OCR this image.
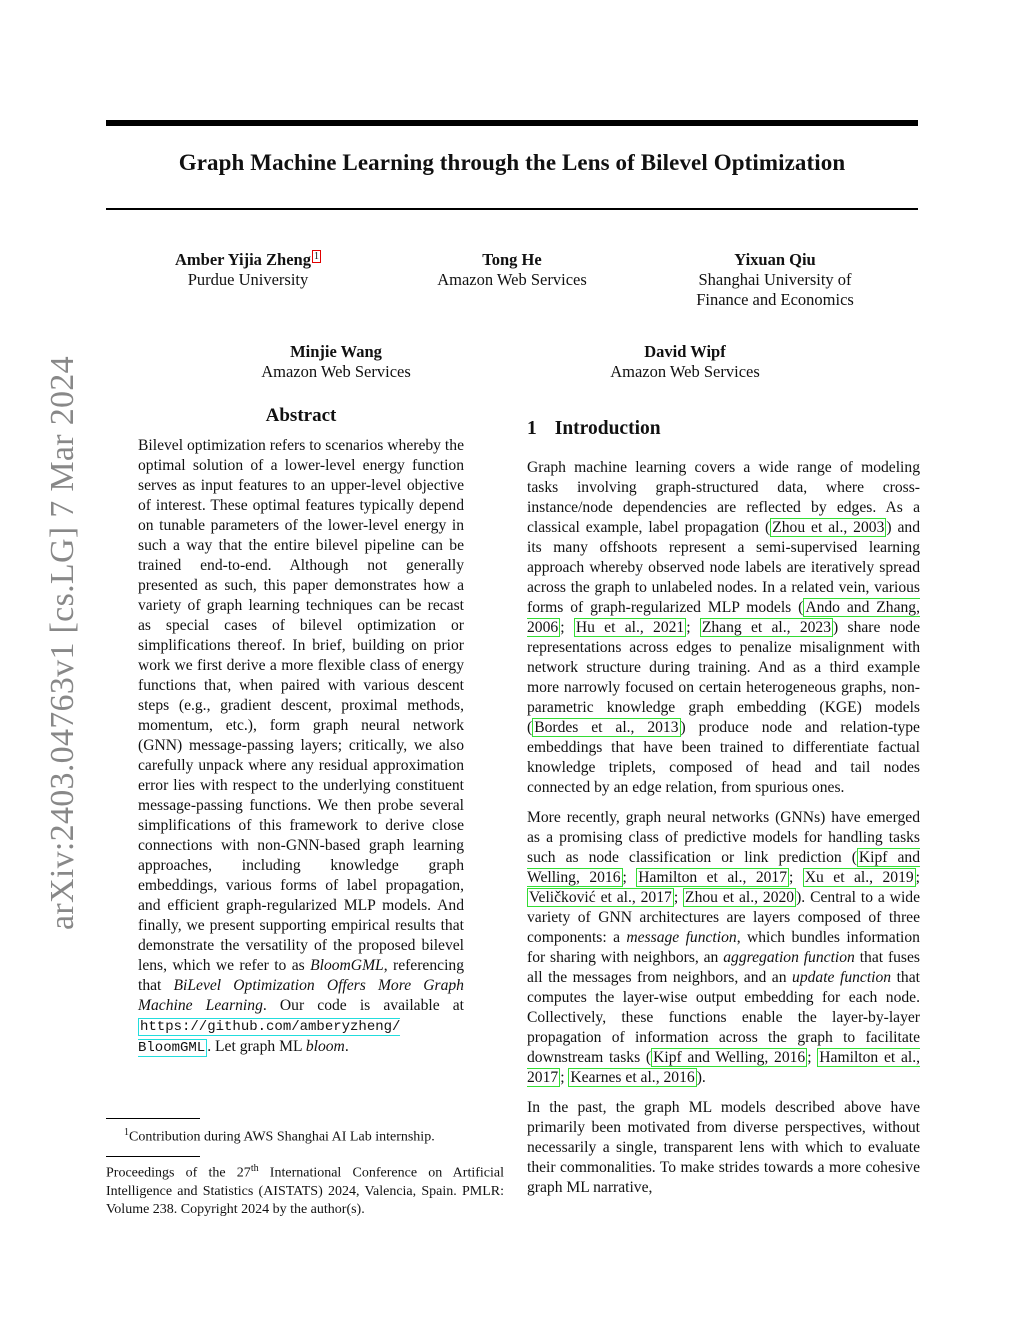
arXiv:2403.04763v1 [cs.LG] 7 Mar 2024
Graph Machine Learning through the Lens of Bilevel Optimization
Amber Yijia Zheng 1
Purdue University
Tong He
Amazon Web Services
Yixuan Qiu
Shanghai University of
Finance and Economics
Minjie Wang
Amazon Web Services
David Wipf
Amazon Web Services
Abstract
Bilevel optimization refers to scenarios whereby the optimal solution of a lower-level energy function serves as input features to an upper-level objective of interest. These optimal features typically depend on tunable parameters of the lower-level energy in such a way that the entire bilevel pipeline can be trained end-to-end. Although not generally presented as such, this paper demonstrates how a variety of graph learning techniques can be recast as special cases of bilevel optimization or simplifications thereof. In brief, building on prior work we first derive a more flexible class of energy functions that, when paired with various descent steps (e.g., gradient descent, proximal methods, momentum, etc.), form graph neural network (GNN) message-passing layers; critically, we also carefully unpack where any residual approximation error lies with respect to the underlying constituent message-passing functions. We then probe several simplifications of this framework to derive close connections with non-GNN-based graph learning approaches, including knowledge graph embeddings, various forms of label propagation, and efficient graph-regularized MLP models. And finally, we present supporting empirical results that demonstrate the versatility of the proposed bilevel lens, which we refer to as BloomGML, referencing that BiLevel Optimization Offers More Graph Machine Learning. Our code is available at https://github.com/amberyzheng/
BloomGML . Let graph ML bloom.
$^1$Contribution during AWS Shanghai AI Lab internship.
Proceedings of the 27th International Conference on Artificial Intelligence and Statistics (AISTATS) 2024, Valencia, Spain. PMLR: Volume 238. Copyright 2024 by the author(s).
1 Introduction

Graph machine learning covers a wide range of modeling tasks involving graph-structured data, where cross-instance/node dependencies are reflected by edges. As a classical example, label propagation ( Zhou et al., 2003 ) and its many offshoots represent a semi-supervised learning approach whereby observed node labels are iteratively spread across the graph to unlabeled nodes. In a related vein, various forms of graph-regularized MLP models ( Ando and Zhang, 2006 ; Hu et al., 2021 ; Zhang et al., 2023 ) share node representations across edges to penalize misalignment with network structure during training. And as a third example more narrowly focused on certain heterogeneous graphs, non-parametric knowledge graph embedding (KGE) models ( Bordes et al., 2013 ) produce node and relation-type embeddings that have been trained to differentiate factual knowledge triplets, composed of head and tail nodes connected by an edge relation, from spurious ones.

More recently, graph neural networks (GNNs) have emerged as a promising class of predictive models for handling tasks such as node classification or link prediction ( Kipf and Welling, 2016 ; Hamilton et al., 2017 ; Xu et al., 2019 ; Veličković et al., 2017 ; Zhou et al., 2020 ). Central to a wide variety of GNN architectures are layers composed of three components: a message function, which bundles information for sharing with neighbors, an aggregation function that fuses all the messages from neighbors, and an update function that computes the layer-wise output embedding for each node. Collectively, these functions enable the layer-by-layer propagation of information across the graph to facilitate downstream tasks ( Kipf and Welling, 2016 ; Hamilton et al., 2017 ; Kearnes et al., 2016 ).

In the past, the graph ML models described above have primarily been motivated from diverse perspectives, without necessarily a single, transparent lens with which to evaluate their commonalities. To make strides towards a more cohesive graph ML narrative,
